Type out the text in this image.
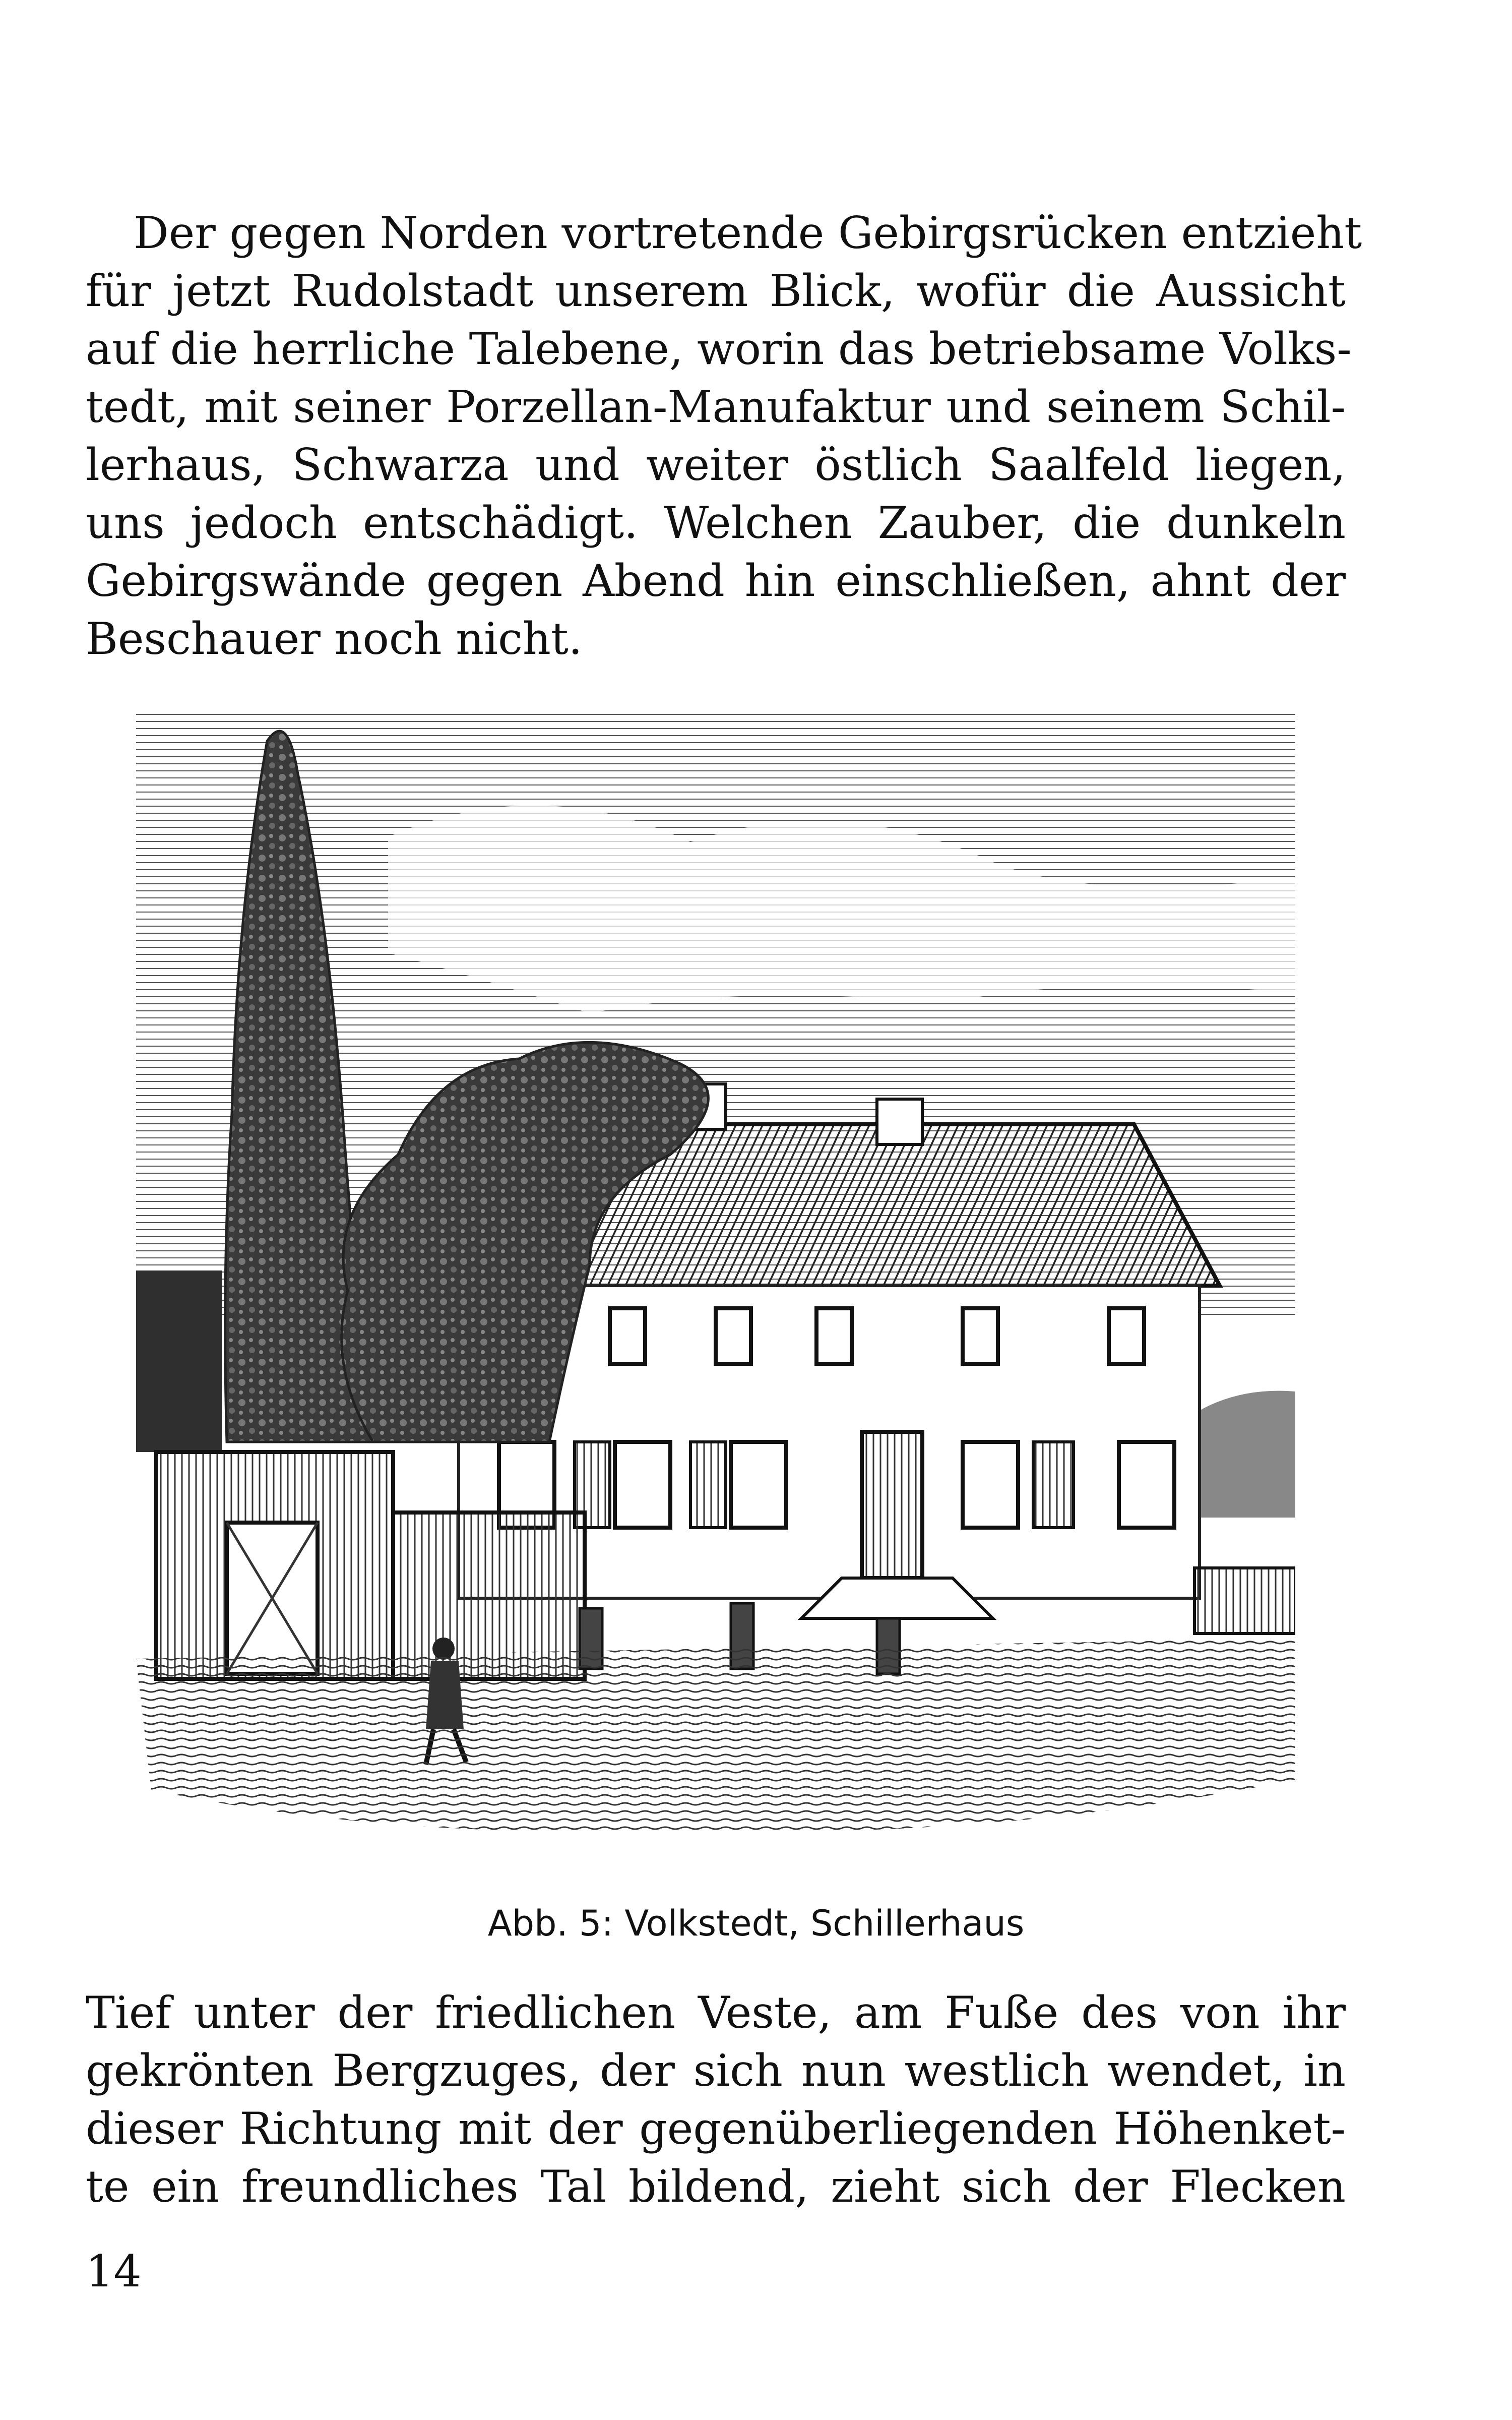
Der gegen Norden vortretende Gebirgsrücken entzieht
für jetzt Rudolstadt unserem Blick, wofür die Aussicht
auf die herrliche Talebene, worin das betriebsame Volks-
tedt, mit seiner Porzellan-Manufaktur und seinem Schil-
lerhaus, Schwarza und weiter östlich Saalfeld liegen,
uns jedoch entschädigt. Welchen Zauber, die dunkeln
Gebirgswände gegen Abend hin einschließen, ahnt der
Beschauer noch nicht.

Abb. 5: Volkstedt, Schillerhaus

Tief unter der friedlichen Veste, am Fuße des von ihr
gekrönten Bergzuges, der sich nun westlich wendet, in
dieser Richtung mit der gegenüberliegenden Höhenket-
te ein freundliches Tal bildend, zieht sich der Flecken

14
